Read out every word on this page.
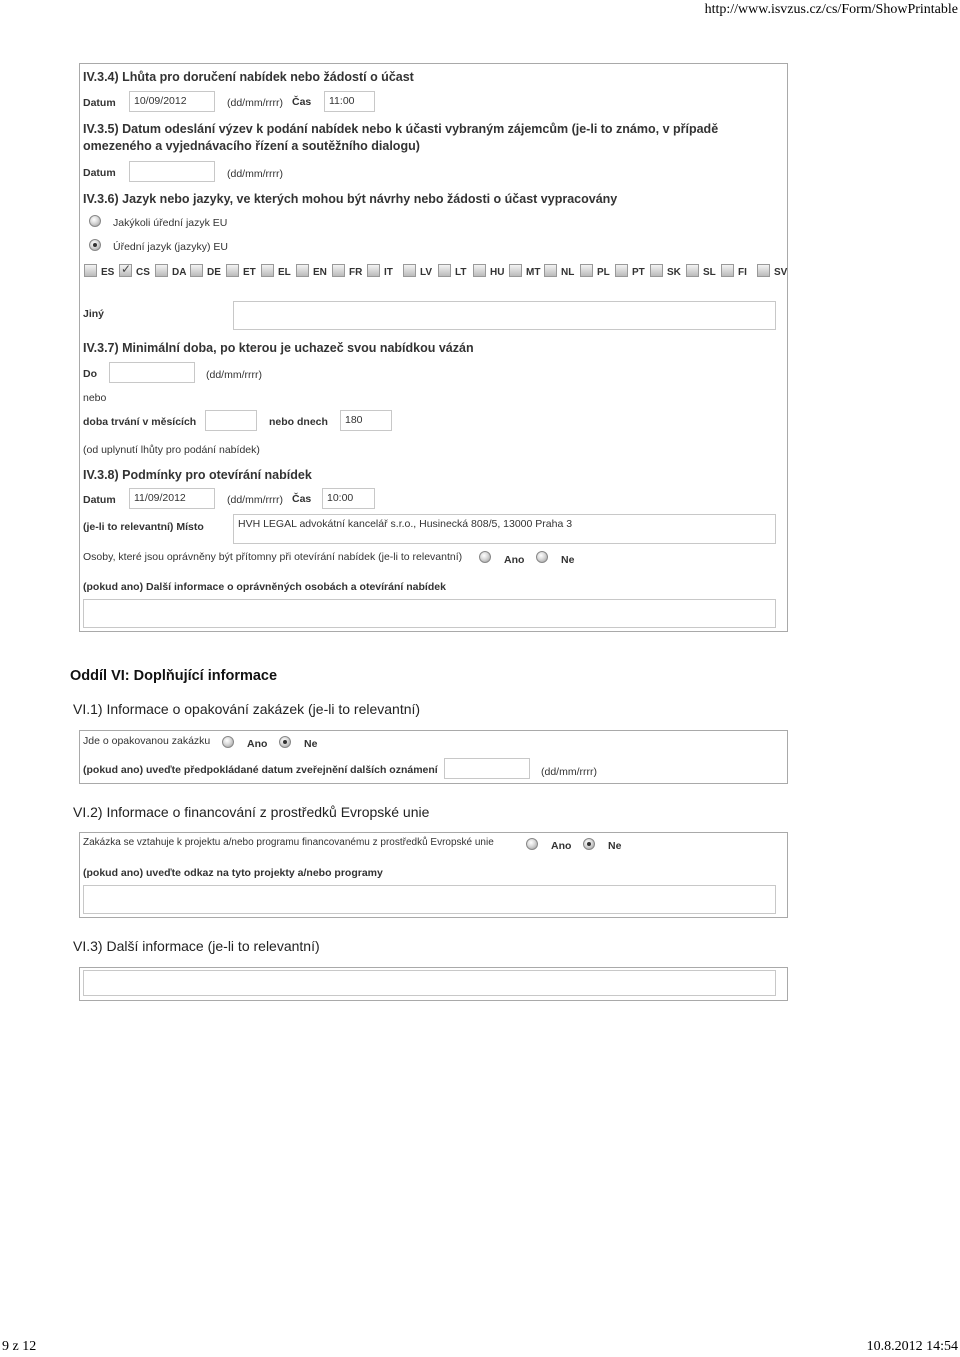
http://www.isvzus.cz/cs/Form/ShowPrintable
IV.3.4) Lhůta pro doručení nabídek nebo žádostí o účast
Datum	10/09/2012	(dd/mm/rrrr) Čas	11:00
IV.3.5) Datum odeslání výzev k podání nabídek nebo k účasti vybraným zájemcům (je-li to známo, v případě
omezeného a vyjednávacího řízení a soutěžního dialogu)
Datum	(dd/mm/rrrr)
IV.3.6) Jazyk nebo jazyky, ve kterých mohou být návrhy nebo žádosti o účast vypracovány
Jakýkoli úřední jazyk EU
Úřední jazyk (jazyky) EU
ES ✓ CS DA DE ET EL EN FR IT	LV LT HU MT NL PL PT SK SL FI	SV
Jiný
IV.3.7) Minimální doba, po kterou je uchazeč svou nabídkou vázán
Do	(dd/mm/rrrr)
nebo
doba trvání v měsících	nebo dnech	180
(od uplynutí lhůty pro podání nabídek)
IV.3.8) Podmínky pro otevírání nabídek
Datum	11/09/2012	(dd/mm/rrrr) Čas	10:00
(je-li to relevantní) Místo	HVH LEGAL advokátní kancelář s.r.o., Husinecká 808/5, 13000 Praha 3
Osoby, které jsou oprávněny být přítomny při otevírání nabídek (je-li to relevantní)	Ano	Ne
(pokud ano) Další informace o oprávněných osobách a otevírání nabídek
Oddíl VI: Doplňující informace
VI.1) Informace o opakování zakázek (je-li to relevantní)
Jde o opakovanou zakázku	Ano	Ne
(pokud ano) uveďte předpokládané datum zveřejnění dalších oznámení	(dd/mm/rrrr)
VI.2) Informace o financování z prostředků Evropské unie
Zakázka se vztahuje k projektu a/nebo programu financovanému z prostředků Evropské unie	Ano	Ne
(pokud ano) uveďte odkaz na tyto projekty a/nebo programy
VI.3) Další informace (je-li to relevantní)
9 z 12	10.8.2012 14:54
